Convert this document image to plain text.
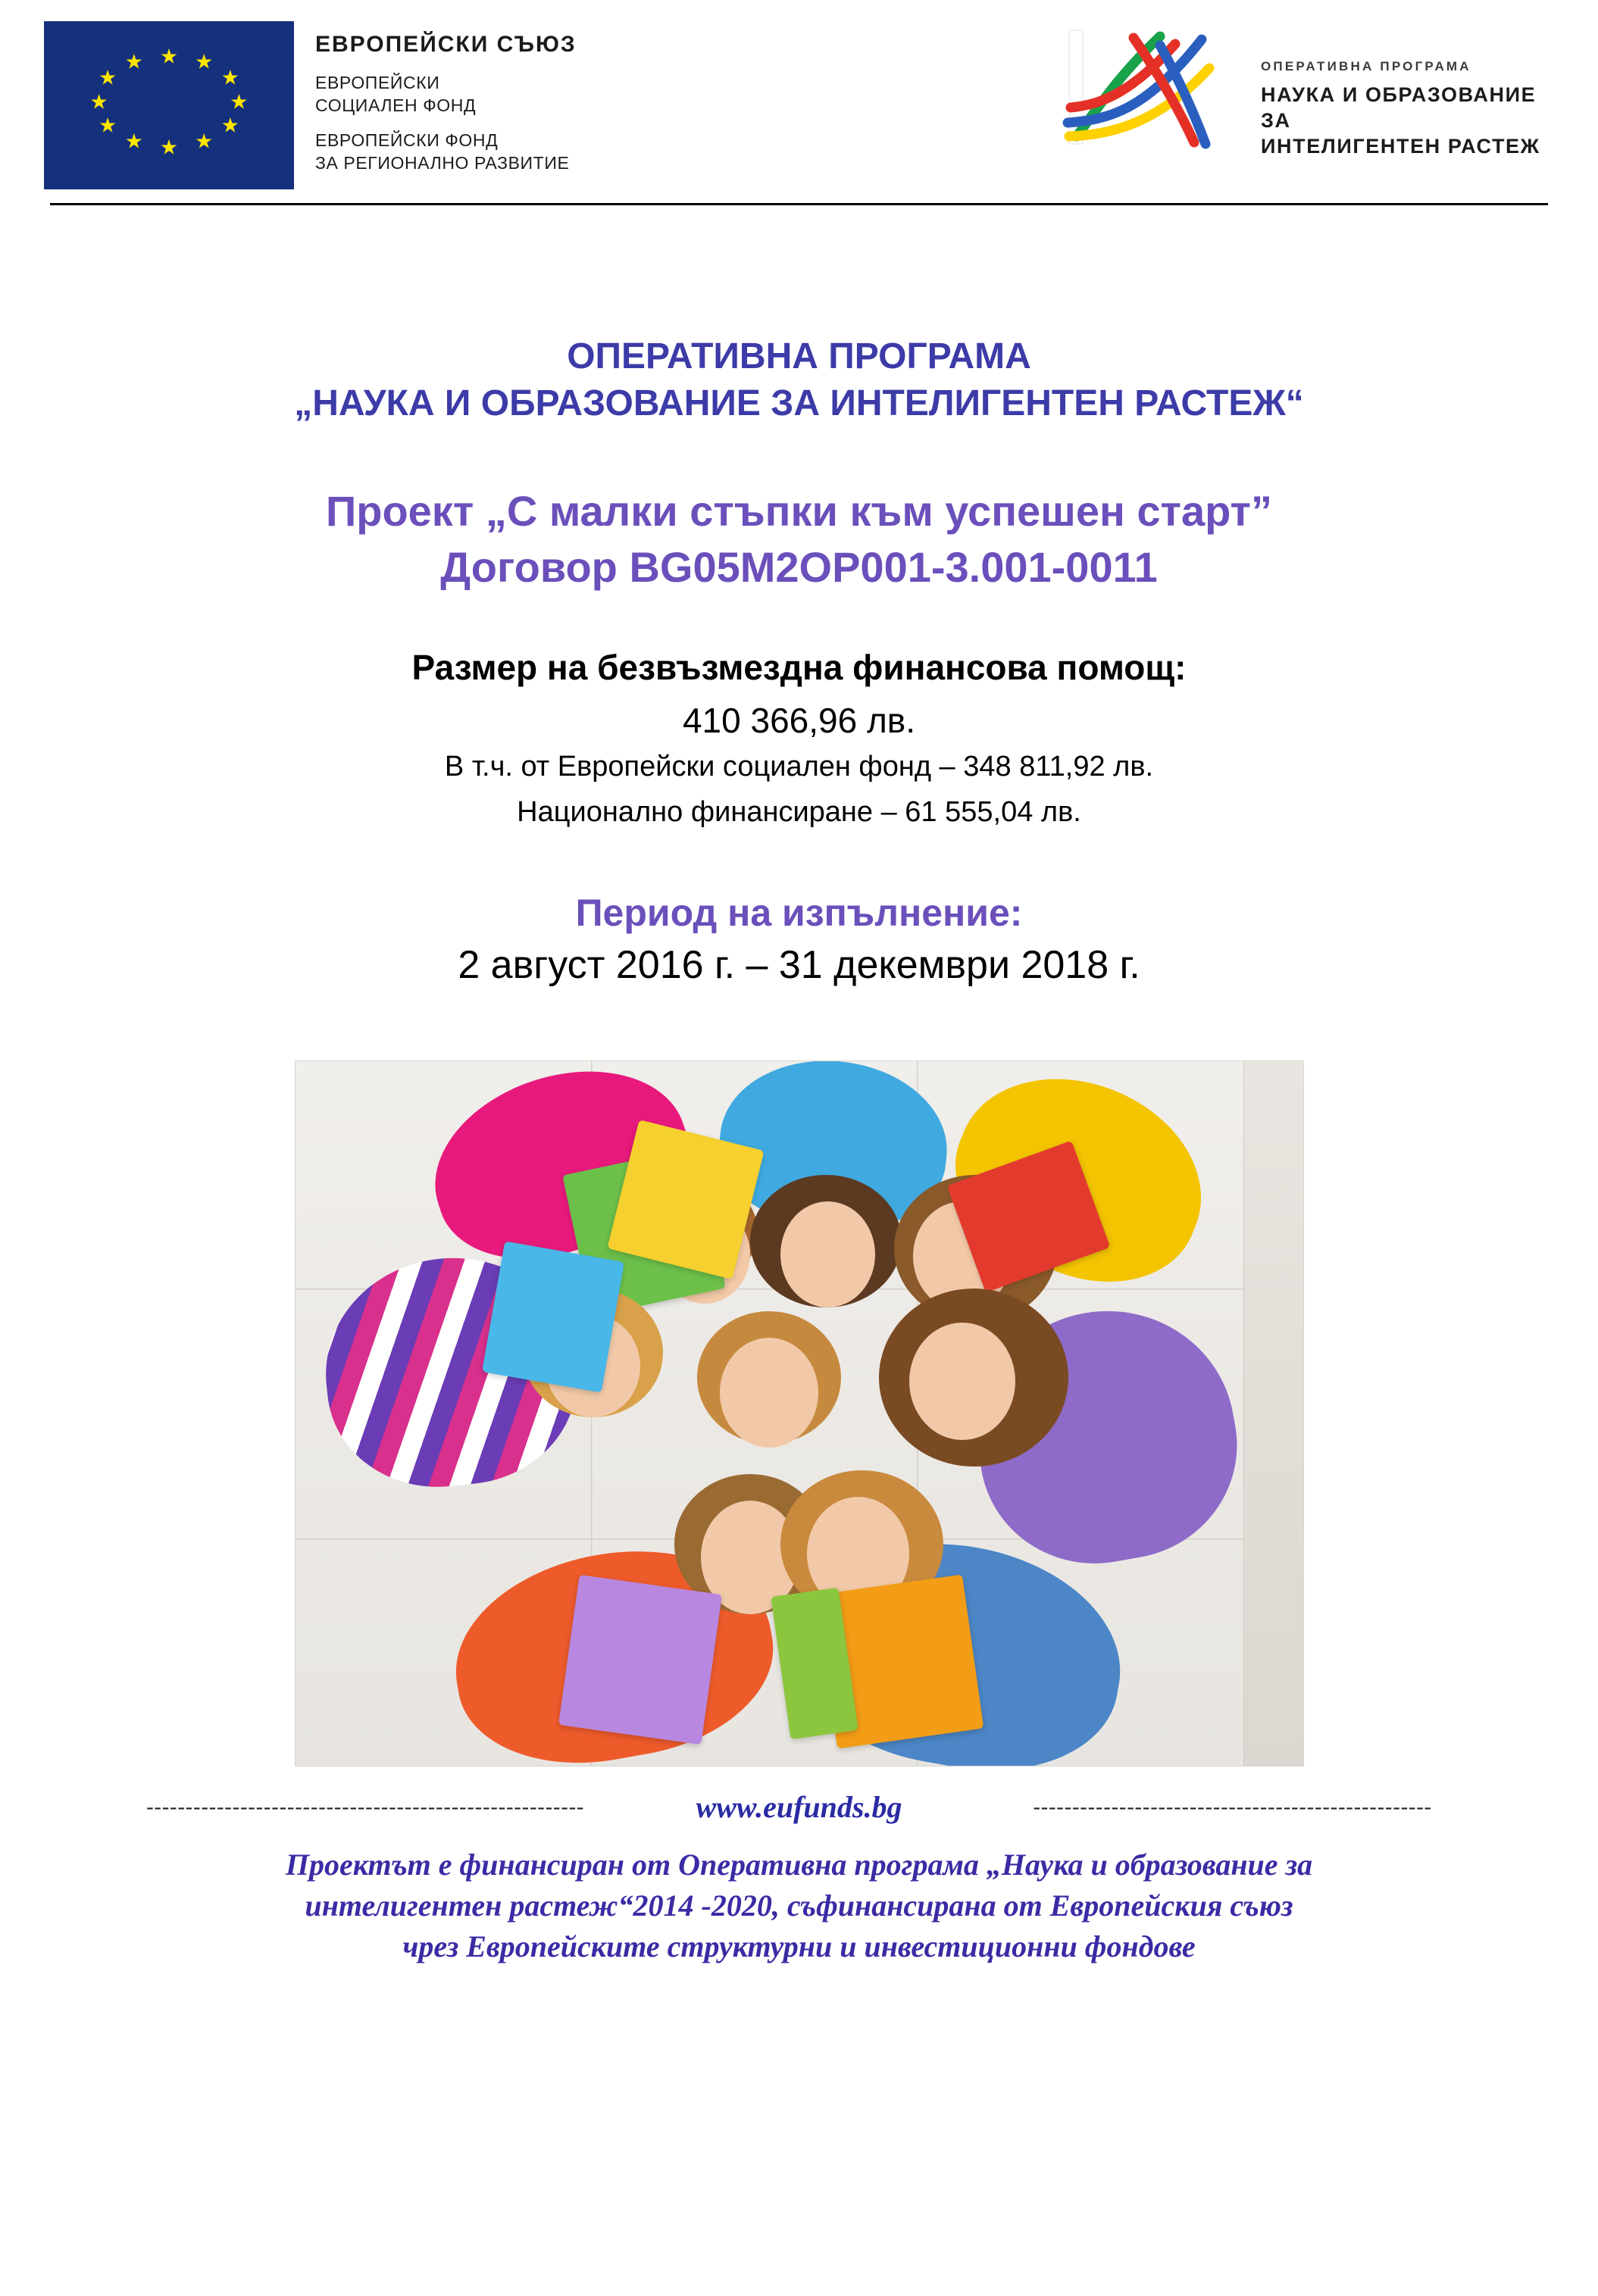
★ ★
★
★
★
★
★
★
★
★
★
★
ЕВРОПЕЙСКИ СЪЮЗ
ЕВРОПЕЙСКИ
СОЦИАЛЕН ФОНД
ЕВРОПЕЙСКИ ФОНД
ЗА РЕГИОНАЛНО РАЗВИТИЕ
ОПЕРАТИВНА ПРОГРАМА
НАУКА И ОБРАЗОВАНИЕ ЗА
ИНТЕЛИГЕНТЕН РАСТЕЖ
ОПЕРАТИВНА ПРОГРАМА
„НАУКА И ОБРАЗОВАНИЕ ЗА ИНТЕЛИГЕНТЕН РАСТЕЖ“
Проект „С малки стъпки към успешен старт”
Договор BG05M2OP001-3.001-0011
Размер на безвъзмездна финансова помощ:
410 366,96 лв.
В т.ч. от Европейски социален фонд – 348 811,92 лв.
Национално финансиране – 61 555,04 лв.
Период на изпълнение:
2 август 2016 г. – 31 декември 2018 г.
--------------------------------------------------------	www.eufunds.bg	---------------------------------------------------
Проектът е финансиран от Оперативна програма „Наука и образование за
интелигентен растеж“2014 -2020, съфинансирана от Европейския съюз
чрез Европейските структурни и инвестиционни фондове
